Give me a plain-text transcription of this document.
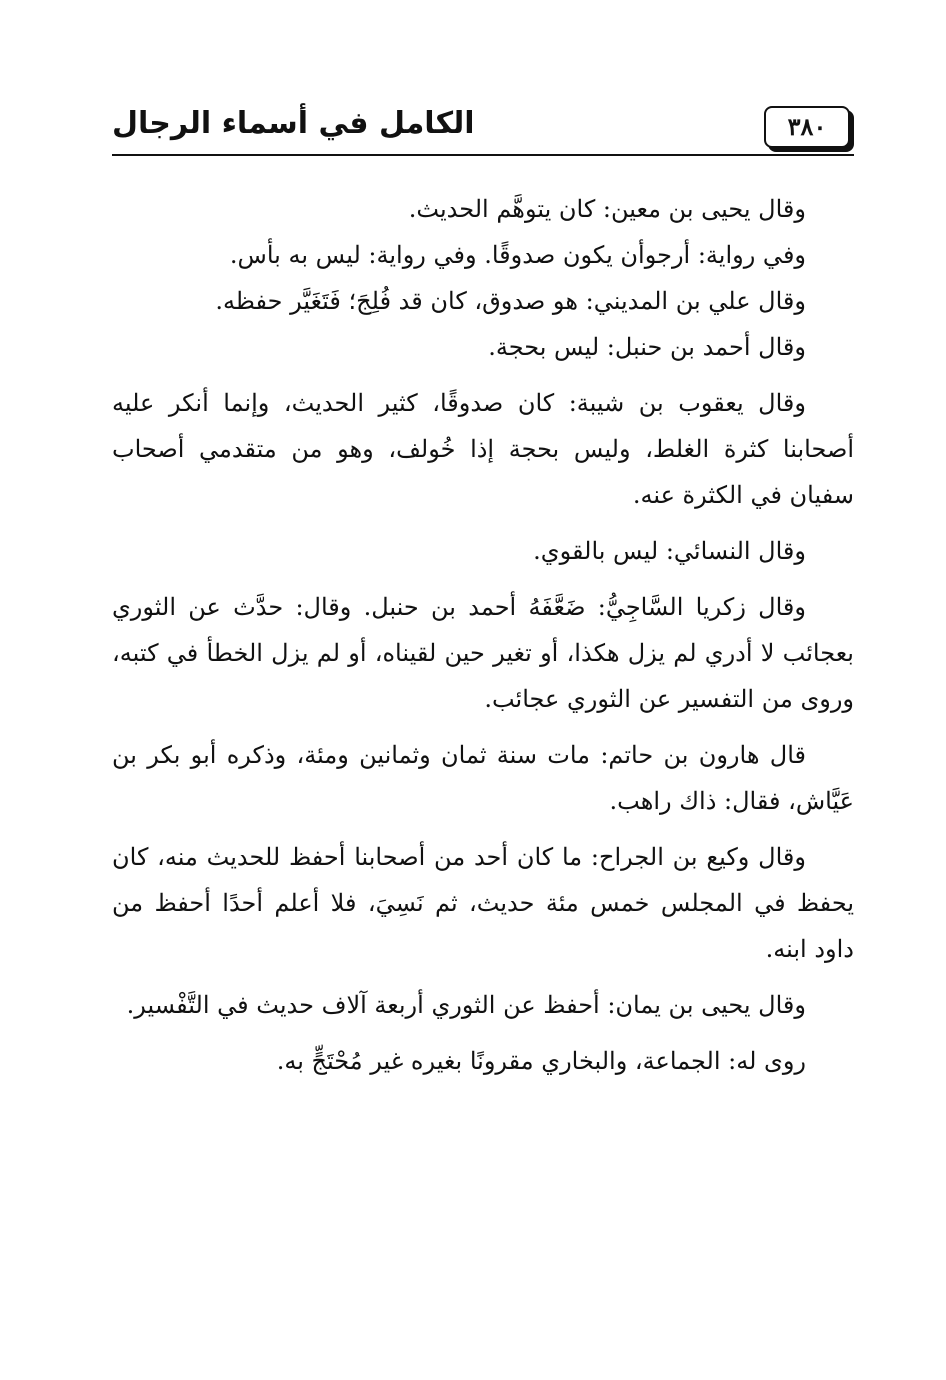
الكامل في أسماء الرجال	٣٨٠

وقال يحيى بن معين: كان يتوهَّم الحديث.

وفي رواية: أرجوأن يكون صدوقًا. وفي رواية: ليس به بأس.

وقال علي بن المديني: هو صدوق، كان قد فُلِجَ؛ فَتَغَيَّر حفظه.

وقال أحمد بن حنبل: ليس بحجة.

وقال يعقوب بن شيبة: كان صدوقًا، كثير الحديث، وإنما أنكر عليه أصحابنا كثرة الغلط، وليس بحجة إذا خُولف، وهو من متقدمي أصحاب سفيان في الكثرة عنه.

وقال النسائي: ليس بالقوي.

وقال زكريا السَّاجِيُّ: ضَعَّفَهُ أحمد بن حنبل. وقال: حدَّث عن الثوري بعجائب لا أدري لم يزل هكذا، أو تغير حين لقيناه، أو لم يزل الخطأ في كتبه، وروى من التفسير عن الثوري عجائب.

قال هارون بن حاتم: مات سنة ثمان وثمانين ومئة، وذكره أبو بكر بن عَيَّاش، فقال: ذاك راهب.

وقال وكيع بن الجراح: ما كان أحد من أصحابنا أحفظ للحديث منه، كان يحفظ في المجلس خمس مئة حديث، ثم نَسِيَ، فلا أعلم أحدًا أحفظ من داود ابنه.

وقال يحيى بن يمان: أحفظ عن الثوري أربعة آلاف حديث في التَّفْسير.

روى له: الجماعة، والبخاري مقرونًا بغيره غير مُحْتَجٍّ به.
